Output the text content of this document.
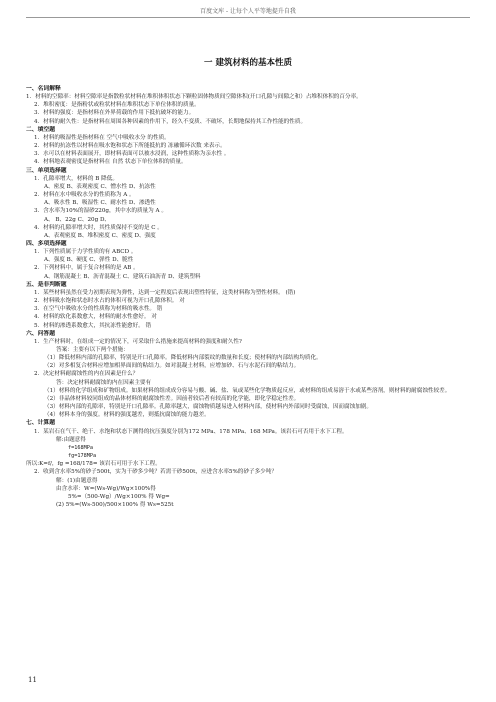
百度文库 - 让每个人平等地提升自我
一 建筑材料的基本性质
一、名词解释
1．材料的空隙率：材料空隙率是指散粒状材料在堆积体积状态下颗粒固体物质间空隙体积(开口孔隙与间隙之和）占堆积体积的百分率。
2．堆积密度：是指粉状或粒状材料在堆积状态下单位体积的质量。
3．材料的强度：是指材料在外界荷载的作用下抵抗破坏的能力。
4．材料的耐久性：是指材料在周围各种因素的作用下，经久不变质、不破坏，长期地保持其工作性能的性质。
二、填空题
1．材料的吸湿性是指材料在 空气中吸收水分 的性质。
2．材料的抗冻性以材料在吸水饱和状态下所能抵抗的 冻融循环次数 来表示。
3．水可以在材料表面展开，即材料表面可以被水浸润，这种性质称为亲水性 。
4．材料地表观密度是指材料在 自然 状态下单位体积的质量。
三、单项选择题
1．孔隙率增大，材料的 B 降低。
A、密度 B、表观密度 C、憎水性 D、抗冻性
2．材料在水中吸收水分的性质称为 A 。
A、吸水性 B、吸湿性 C、耐水性 D、渗透性
3．含水率为10%的湿砂220g，其中水的质量为 A 。
A、 B、22g C、20g D、
4．材料的孔隙率增大时，其性质保持不变的是 C 。
A、表观密度 B、堆积密度 C、密度 D、强度
四、多项选择题
1．下列性质属于力学性质的有 ABCD 。
A、强度 B、硬度 C、弹性 D、脆性
2．下列材料中，属于复合材料的是 AB 。
A、钢筋混凝土 B、沥青混凝土 C、建筑石油沥青 D、建筑塑料
五、是非判断题
1．某些材料虽然在受力初期表现为弹性，达到一定程度后表现出塑性特征，这类材料称为塑性材料。 (错)
2．材料吸水饱和状态时水占的体积可视为开口孔隙体积。 对
3．在空气中吸收水分的性质称为材料的吸水性。 错
4．材料的软化系数愈大，材料的耐水性愈好。 对
5．材料的渗透系数愈大，其抗冻性能愈好。 错
六、问答题
1．生产材料时，在组成一定的情况下，可采取什么措施来提高材料的强度和耐久性?
答案：主要有以下两个措施：
（1）降低材料内部的孔隙率，特别是开口孔隙率。降低材料内部裂纹的数量和长度；使材料的内部结构均质化。
（2）对多相复合材料应增加相界面间的粘结力。如对混凝土材料，应增加砂、石与水泥石间的粘结力。
2．决定材料耐腐蚀性的内在因素是什么？
答：决定材料耐腐蚀的内在因素主要有
（1）材料的化学组成和矿物组成。如果材料的组成成分容易与酸、碱、盐、氧或某些化学物质起反应，或材料的组成易溶于水或某些溶剂，则材料的耐腐蚀性较差。
（2）非晶体材料较同组成的晶体材料的耐腐蚀性差。因前者较后者有较高的化学能，即化学稳定性差。
（3）材料内部的孔隙率，特别是开口孔隙率。孔隙率越大，腐蚀物质越易进入材料内部，使材料内外部同时受腐蚀，因而腐蚀加剧。
（4）材料本身的强度。材料的强度越差，则抵抗腐蚀的能力越差。
七、计算题
1．某岩石在气干、绝干、水饱和状态下测得的抗压强度分别为172 MPa、178 MPa、168 MPa。该岩石可否用于水下工程。
解:由题意得
f=168MPa
fg=178MPa
所以:K=f/，fg =168/178= 该岩石可用于水下工程。
2．收到含水率5%的砂子500t，实为干砂多少吨？若需干砂500t，应进含水率5%的砂子多少吨？
解：(1)由题意得
由含水率：W=(Ws-Wg)/Wg×100%得
5%=（500-Wg）/Wg×100% 得 Wg=
(2) 5%=(Ws-500)/500×100% 得 Ws=525t
11
